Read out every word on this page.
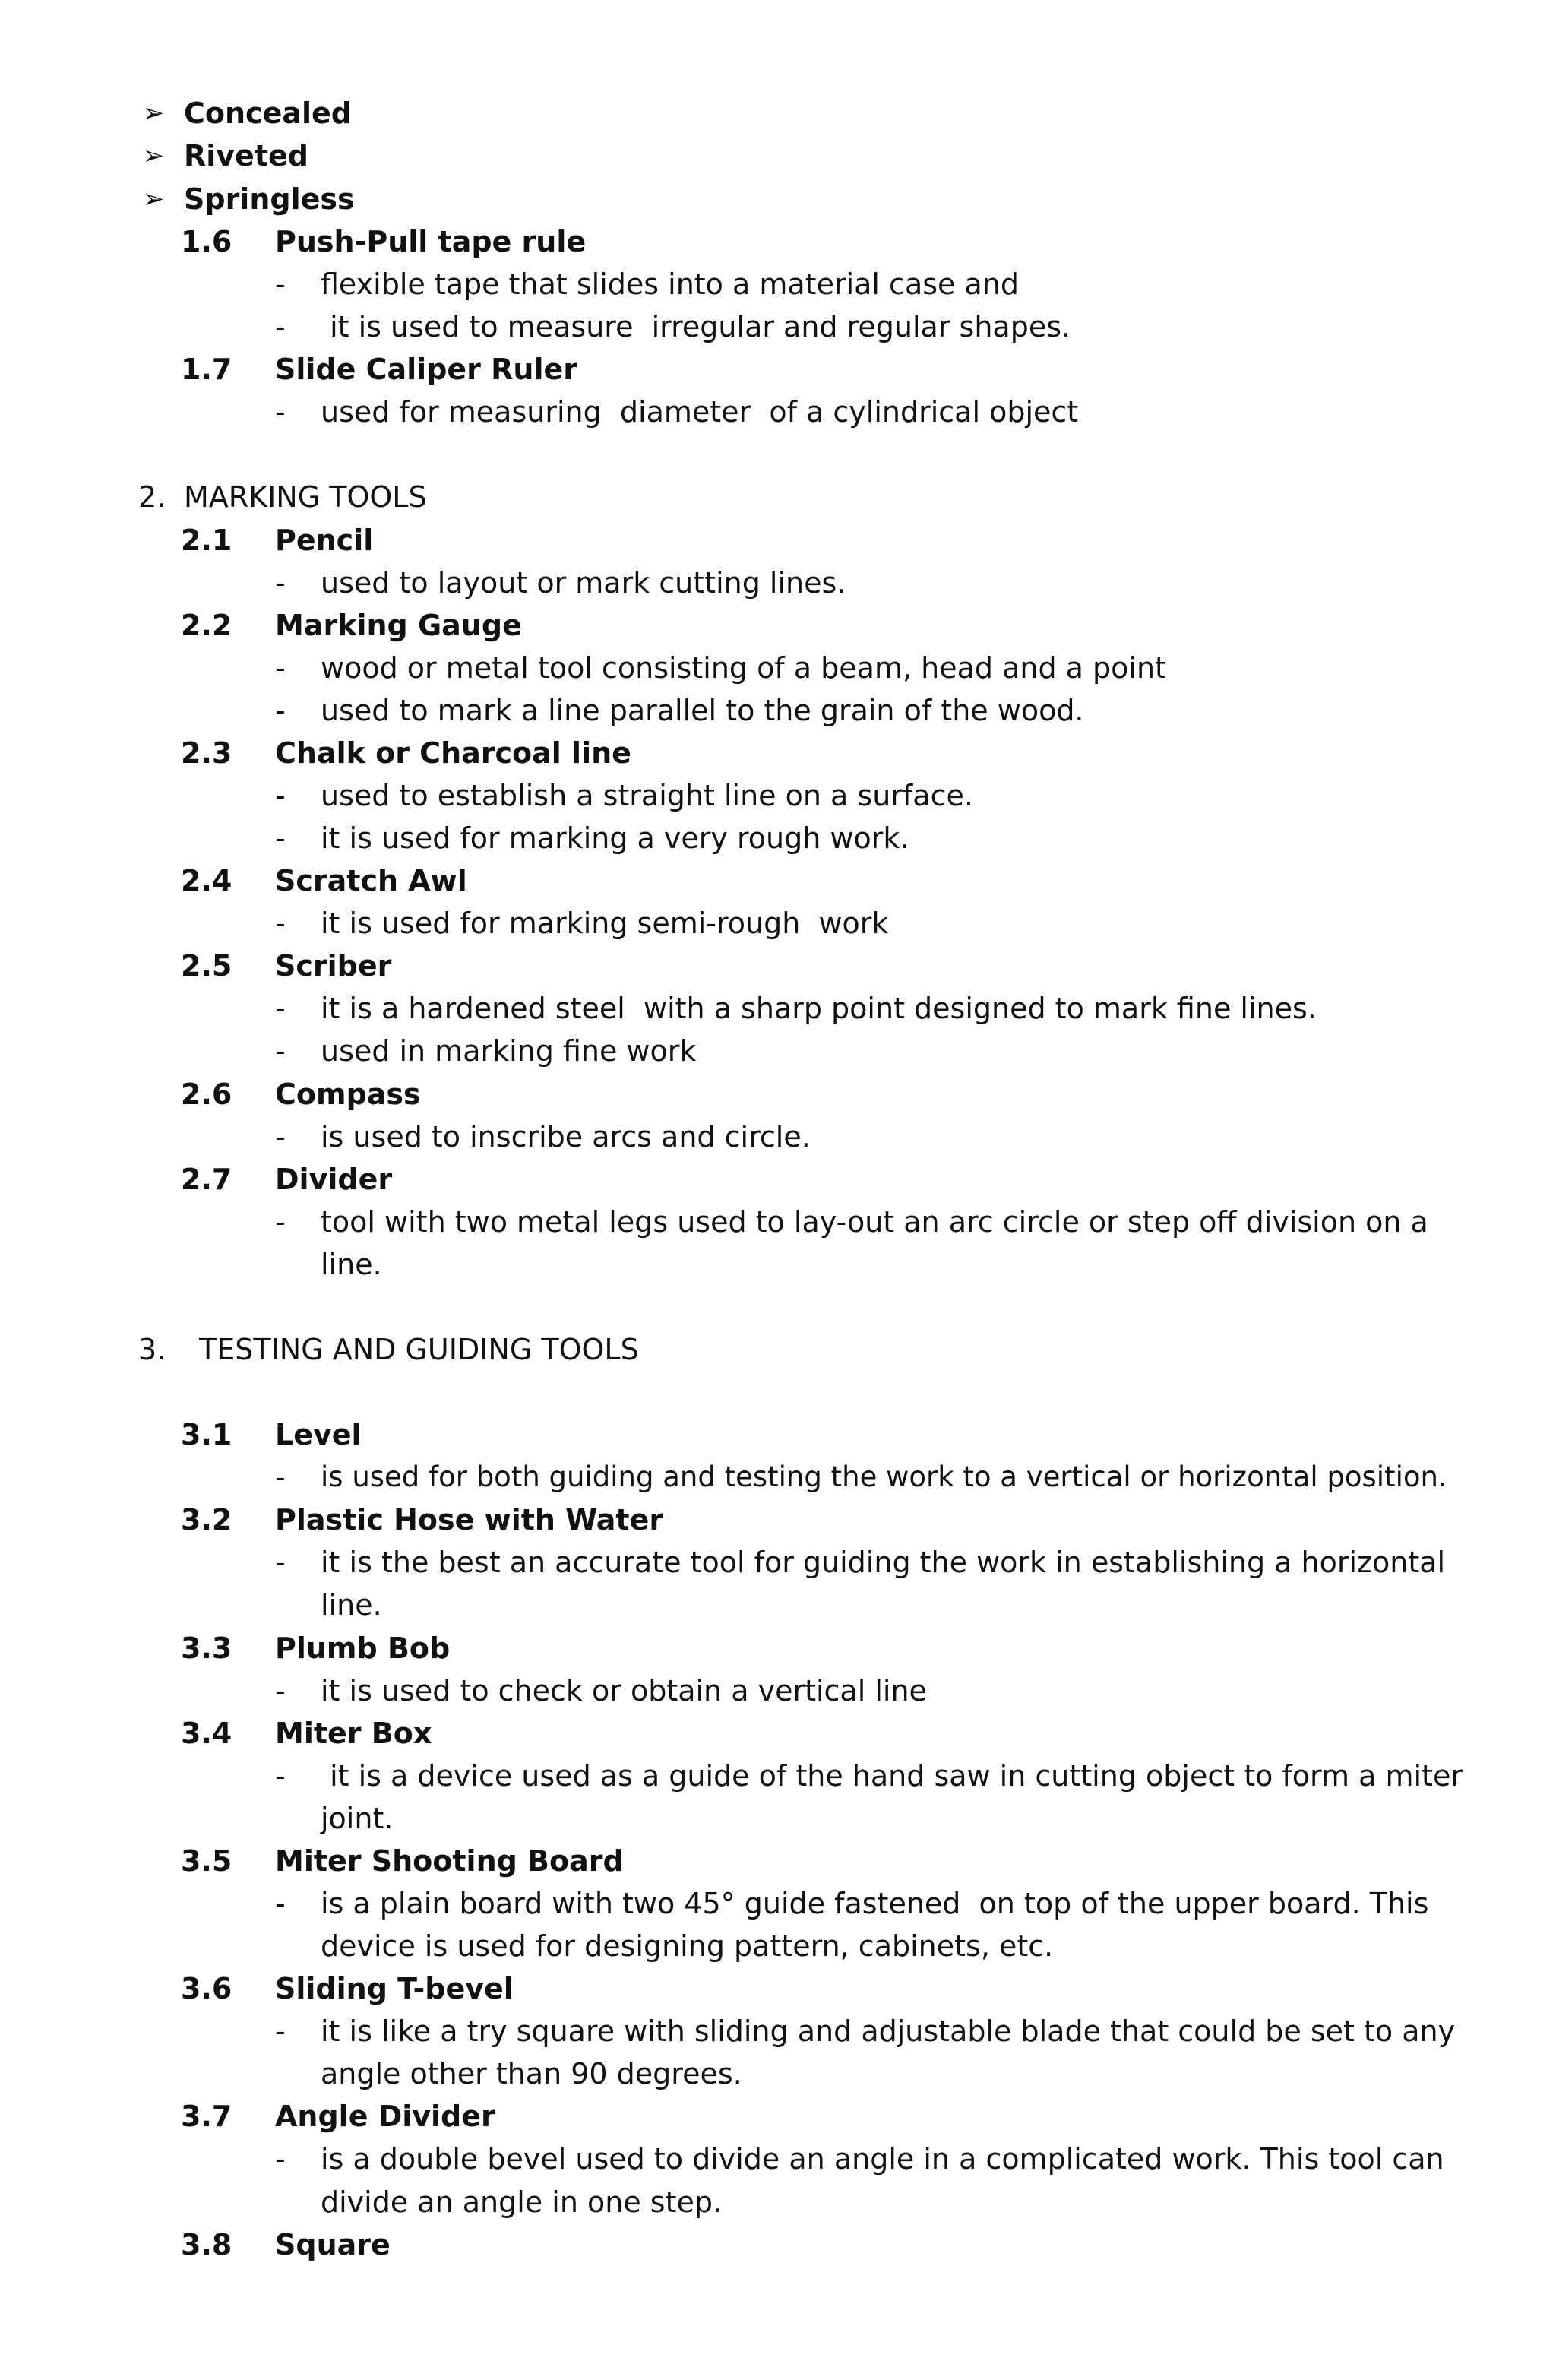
➢ Concealed
➢ Riveted
➢ Springless
1.6 Push-Pull tape rule
- flexible tape that slides into a material case and
- it is used to measure  irregular and regular shapes.
1.7 Slide Caliper Ruler
- used for measuring  diameter  of a cylindrical object
2. MARKING TOOLS
2.1 Pencil
- used to layout or mark cutting lines.
2.2 Marking Gauge
- wood or metal tool consisting of a beam, head and a point
- used to mark a line parallel to the grain of the wood.
2.3 Chalk or Charcoal line
- used to establish a straight line on a surface.
- it is used for marking a very rough work.
2.4 Scratch Awl
- it is used for marking semi-rough  work
2.5 Scriber
- it is a hardened steel  with a sharp point designed to mark fine lines.
- used in marking fine work
2.6 Compass
- is used to inscribe arcs and circle.
2.7 Divider
- tool with two metal legs used to lay-out an arc circle or step off division on a
line.
3. TESTING AND GUIDING TOOLS
3.1 Level
- is used for both guiding and testing the work to a vertical or horizontal position.
3.2 Plastic Hose with Water
- it is the best an accurate tool for guiding the work in establishing a horizontal
line.
3.3 Plumb Bob
- it is used to check or obtain a vertical line
3.4 Miter Box
- it is a device used as a guide of the hand saw in cutting object to form a miter
joint.
3.5 Miter Shooting Board
- is a plain board with two 45° guide fastened  on top of the upper board. This
device is used for designing pattern, cabinets, etc.
3.6 Sliding T-bevel
- it is like a try square with sliding and adjustable blade that could be set to any
angle other than 90 degrees.
3.7 Angle Divider
- is a double bevel used to divide an angle in a complicated work. This tool can
divide an angle in one step.
3.8 Square
